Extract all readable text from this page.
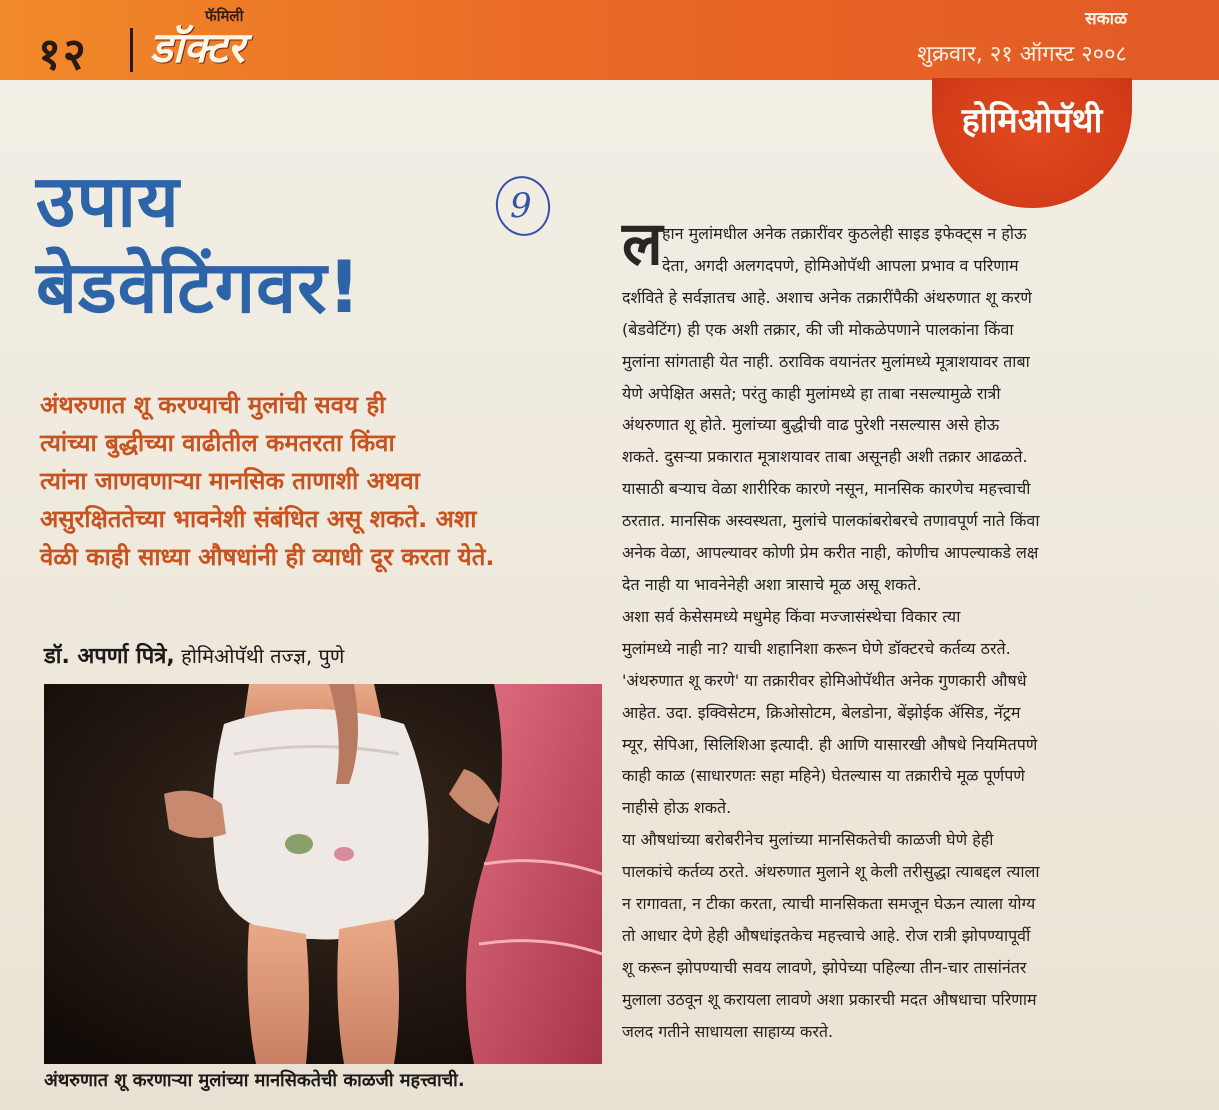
१२
फॅमिली
डॉक्टर
सकाळ
शुक्रवार, २१ ऑगस्ट २००८
होमिओपॅथी
उपाय
बेडवेटिंगवर!
9
अंथरुणात शू करण्याची मुलांची सवय ही
त्यांच्या बुद्धीच्या वाढीतील कमतरता किंवा
त्यांना जाणवणाऱ्या मानसिक ताणाशी अथवा
असुरक्षिततेच्या भावनेशी संबंधित असू शकते. अशा
वेळी काही साध्या औषधांनी ही व्याधी दूर करता येते.
डॉ. अपर्णा पित्रे, होमिओपॅथी तज्ज्ञ, पुणे
अंथरुणात शू करणाऱ्या मुलांच्या मानसिकतेची काळजी महत्त्वाची.
ल हान मुलांमधील अनेक तक्रारींवर कुठलेही साइड इफेक्ट्स न होऊ
देता, अगदी अलगदपणे, होमिओपॅथी आपला प्रभाव व परिणाम
दर्शविते हे सर्वज्ञातच आहे. अशाच अनेक तक्रारींपैकी अंथरुणात शू करणे
(बेडवेटिंग) ही एक अशी तक्रार, की जी मोकळेपणाने पालकांना किंवा
मुलांना सांगताही येत नाही. ठराविक वयानंतर मुलांमध्ये मूत्राशयावर ताबा
येणे अपेक्षित असते; परंतु काही मुलांमध्ये हा ताबा नसल्यामुळे रात्री
अंथरुणात शू होते. मुलांच्या बुद्धीची वाढ पुरेशी नसल्यास असे होऊ
शकते. दुसऱ्या प्रकारात मूत्राशयावर ताबा असूनही अशी तक्रार आढळते.
यासाठी बऱ्याच वेळा शारीरिक कारणे नसून, मानसिक कारणेच महत्त्वाची
ठरतात. मानसिक अस्वस्थता, मुलांचे पालकांबरोबरचे तणावपूर्ण नाते किंवा
अनेक वेळा, आपल्यावर कोणी प्रेम करीत नाही, कोणीच आपल्याकडे लक्ष
देत नाही या भावनेनेही अशा त्रासाचे मूळ असू शकते.
अशा सर्व केसेसमध्ये मधुमेह किंवा मज्जासंस्थेचा विकार त्या
मुलांमध्ये नाही ना? याची शहानिशा करून घेणे डॉक्टरचे कर्तव्य ठरते.
'अंथरुणात शू करणे' या तक्रारीवर होमिओपॅथीत अनेक गुणकारी औषधे
आहेत. उदा. इक्विसेटम, क्रिओसोटम, बेलडोना, बेंझोईक ॲसिड, नॅट्रम
म्यूर, सेपिआ, सिलिशिआ इत्यादी. ही आणि यासारखी औषधे नियमितपणे
काही काळ (साधारणतः सहा महिने) घेतल्यास या तक्रारीचे मूळ पूर्णपणे
नाहीसे होऊ शकते.
या औषधांच्या बरोबरीनेच मुलांच्या मानसिकतेची काळजी घेणे हेही
पालकांचे कर्तव्य ठरते. अंथरुणात मुलाने शू केली तरीसुद्धा त्याबद्दल त्याला
न रागावता, न टीका करता, त्याची मानसिकता समजून घेऊन त्याला योग्य
तो आधार देणे हेही औषधांइतकेच महत्त्वाचे आहे. रोज रात्री झोपण्यापूर्वी
शू करून झोपण्याची सवय लावणे, झोपेच्या पहिल्या तीन-चार तासांनंतर
मुलाला उठवून शू करायला लावणे अशा प्रकारची मदत औषधाचा परिणाम
जलद गतीने साधायला साहाय्य करते.
